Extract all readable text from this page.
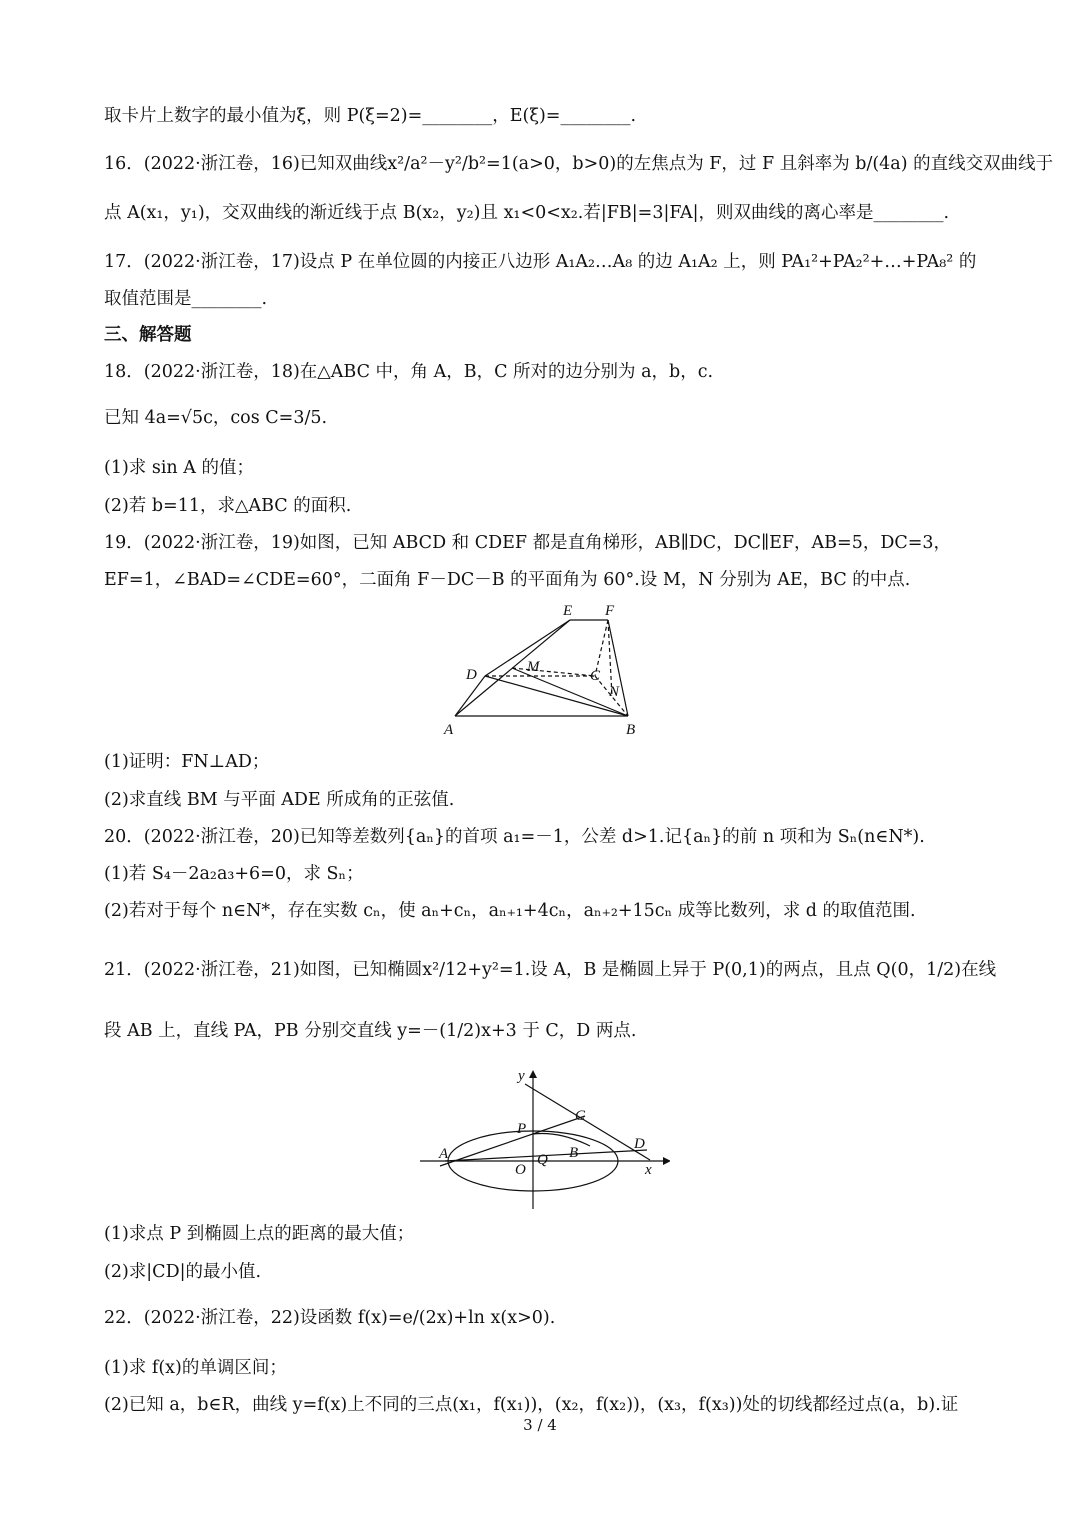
取卡片上数字的最小值为ξ，则 P(ξ=2)=________，E(ξ)=________.
16．(2022·浙江卷，16)已知双曲线x²/a²－y²/b²=1(a>0，b>0)的左焦点为 F，过 F 且斜率为 b/(4a) 的直线交双曲线于
点 A(x₁，y₁)，交双曲线的渐近线于点 B(x₂，y₂)且 x₁<0<x₂.若|FB|=3|FA|，则双曲线的离心率是________.
17．(2022·浙江卷，17)设点 P 在单位圆的内接正八边形 A₁A₂…A₈ 的边 A₁A₂ 上，则 PA₁²+PA₂²+…+PA₈² 的
取值范围是________.
三、解答题
18．(2022·浙江卷，18)在△ABC 中，角 A，B，C 所对的边分别为 a，b，c.
已知 4a=√5c，cos C=3/5.
(1)求 sin A 的值；
(2)若 b=11，求△ABC 的面积.
19．(2022·浙江卷，19)如图，已知 ABCD 和 CDEF 都是直角梯形，AB∥DC，DC∥EF，AB=5，DC=3，
EF=1，∠BAD=∠CDE=60°，二面角 F－DC－B 的平面角为 60°.设 M，N 分别为 AE，BC 的中点.
E F
D	M
C
N
A	B
(1)证明：FN⊥AD；
(2)求直线 BM 与平面 ADE 所成角的正弦值.
20．(2022·浙江卷，20)已知等差数列{aₙ}的首项 a₁=－1，公差 d>1.记{aₙ}的前 n 项和为 Sₙ(n∈N*).
(1)若 S₄－2a₂a₃+6=0，求 Sₙ；
(2)若对于每个 n∈N*，存在实数 cₙ，使 aₙ+cₙ，aₙ₊₁+4cₙ，aₙ₊₂+15cₙ 成等比数列，求 d 的取值范围.
21．(2022·浙江卷，21)如图，已知椭圆x²/12+y²=1.设 A，B 是椭圆上异于 P(0,1)的两点，且点 Q(0，1/2)在线
段 AB 上，直线 PA，PB 分别交直线 y=－(1/2)x+3 于 C，D 两点.
y
x
O
P
A	B
Q
C
D
(1)求点 P 到椭圆上点的距离的最大值；
(2)求|CD|的最小值.
22．(2022·浙江卷，22)设函数 f(x)=e/(2x)+ln x(x>0).
(1)求 f(x)的单调区间；
(2)已知 a，b∈R，曲线 y=f(x)上不同的三点(x₁，f(x₁))，(x₂，f(x₂))，(x₃，f(x₃))处的切线都经过点(a，b).证
3 / 4
